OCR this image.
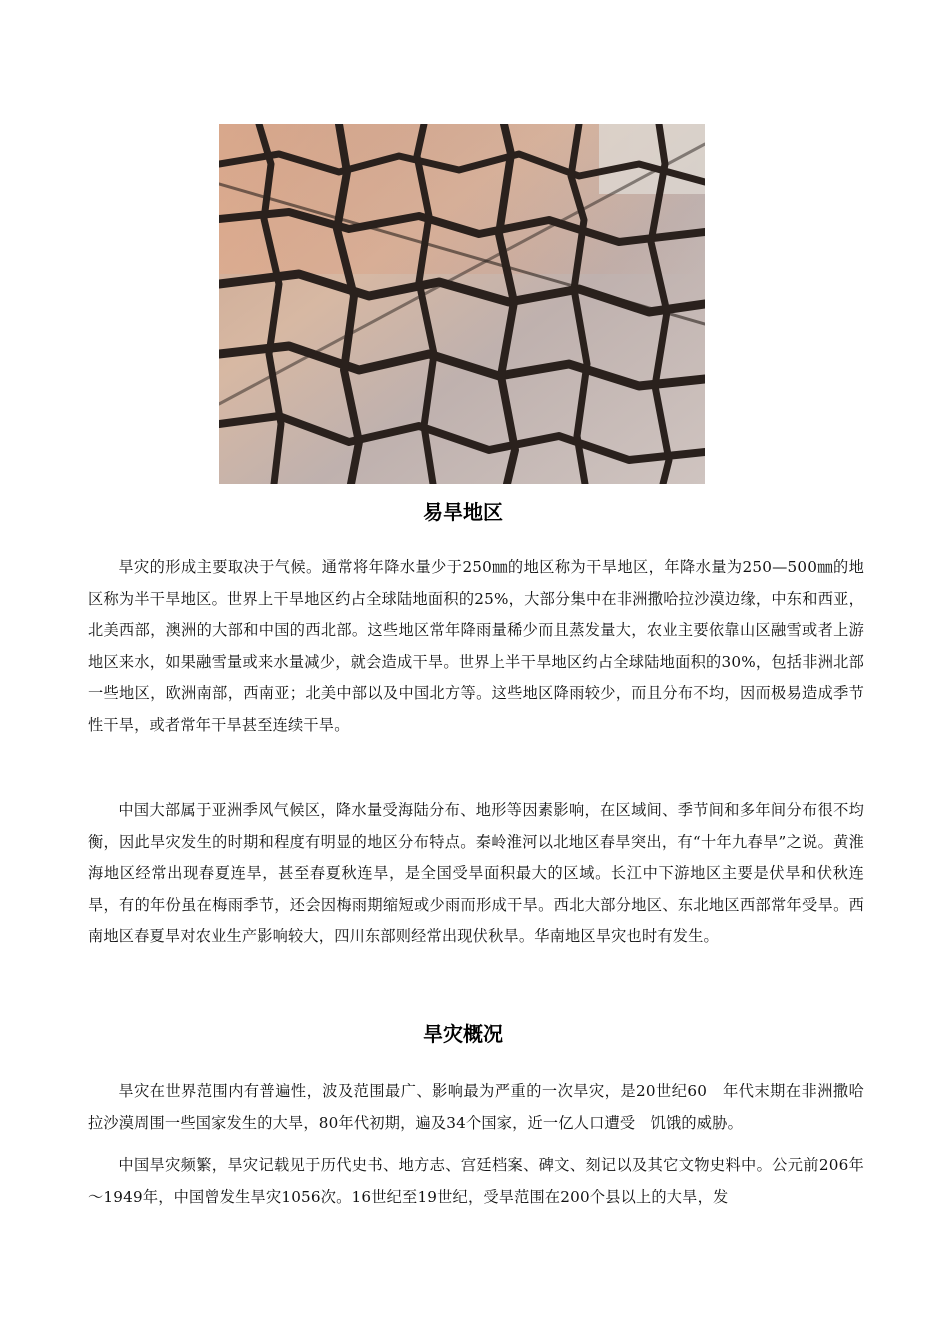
易旱地区

旱灾的形成主要取决于气候。通常将年降水量少于250㎜的地区称为干旱地区，年降水量为250—500㎜的地区称为半干旱地区。世界上干旱地区约占全球陆地面积的25%，大部分集中在非洲撒哈拉沙漠边缘，中东和西亚，北美西部，澳洲的大部和中国的西北部。这些地区常年降雨量稀少而且蒸发量大，农业主要依靠山区融雪或者上游地区来水，如果融雪量或来水量减少，就会造成干旱。世界上半干旱地区约占全球陆地面积的30%，包括非洲北部一些地区，欧洲南部，西南亚；北美中部以及中国北方等。这些地区降雨较少，而且分布不均，因而极易造成季节性干旱，或者常年干旱甚至连续干旱。

中国大部属于亚洲季风气候区，降水量受海陆分布、地形等因素影响，在区域间、季节间和多年间分布很不均衡，因此旱灾发生的时期和程度有明显的地区分布特点。秦岭淮河以北地区春旱突出，有“十年九春旱”之说。黄淮海地区经常出现春夏连旱，甚至春夏秋连旱，是全国受旱面积最大的区域。长江中下游地区主要是伏旱和伏秋连旱，有的年份虽在梅雨季节，还会因梅雨期缩短或少雨而形成干旱。西北大部分地区、东北地区西部常年受旱。西南地区春夏旱对农业生产影响较大，四川东部则经常出现伏秋旱。华南地区旱灾也时有发生。

旱灾概况

旱灾在世界范围内有普遍性，波及范围最广、影响最为严重的一次旱灾，是20世纪60　年代末期在非洲撒哈拉沙漠周围一些国家发生的大旱，80年代初期，遍及34个国家，近一亿人口遭受　饥饿的威胁。

中国旱灾频繁，旱灾记载见于历代史书、地方志、宫廷档案、碑文、刻记以及其它文物史料中。公元前206年～1949年，中国曾发生旱灾1056次。16世纪至19世纪，受旱范围在200个县以上的大旱，发
